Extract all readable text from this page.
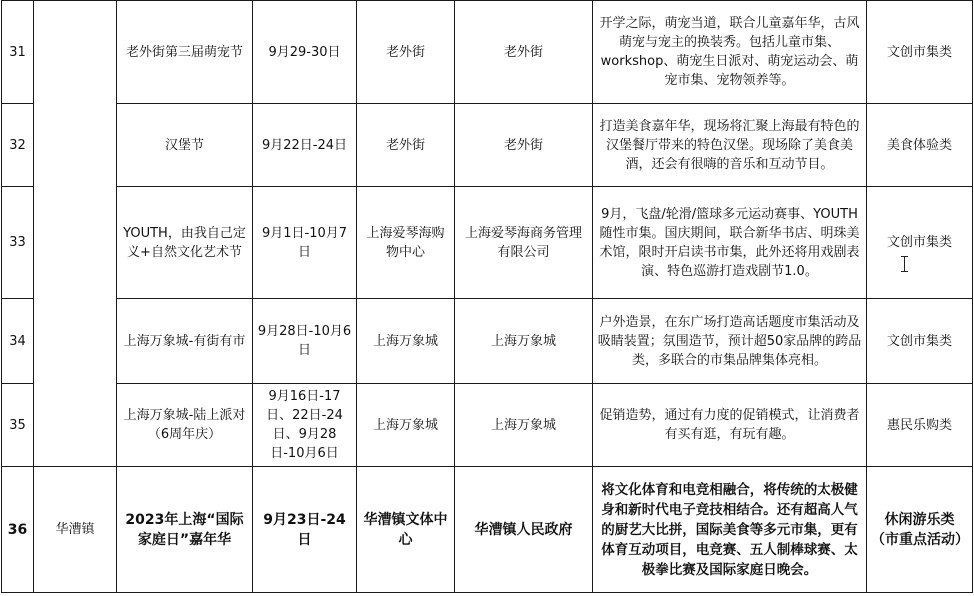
31		老外街第三届萌宠节	9月29-30日	老外街	老外街	开学之际，萌宠当道，联合儿童嘉年华，古风萌宠与宠主的换装秀。包括儿童市集、workshop、萌宠生日派对、萌宠运动会、萌宠市集、宠物领养等。	文创市集类
32		汉堡节	9月22日-24日	老外街	老外街	打造美食嘉年华，现场将汇聚上海最有特色的汉堡餐厅带来的特色汉堡。现场除了美食美酒，还会有很嗨的音乐和互动节目。	美食体验类
33		YOUTH，由我自己定义+自然文化艺术节	9月1日-10月7日	上海爱琴海购物中心	上海爱琴海商务管理有限公司	9月，飞盘/轮滑/篮球多元运动赛事、YOUTH随性市集。国庆期间，联合新华书店、明珠美术馆，限时开启读书市集，此外还将用戏剧表演、特色巡游打造戏剧节1.0。	文创市集类
34		上海万象城-有街有市	9月28日-10月6日	上海万象城	上海万象城	户外造景，在东广场打造高话题度市集活动及吸睛装置；氛围造节，预计超50家品牌的跨品类，多联合的市集品牌集体亮相。	文创市集类
35		上海万象城-陆上派对（6周年庆）	9月16日-17日、22日-24日、9月28日-10月6日	上海万象城	上海万象城	促销造势，通过有力度的促销模式，让消费者有买有逛，有玩有趣。	惠民乐购类
36	华漕镇	2023年上海“国际家庭日”嘉年华	9月23日-24日	华漕镇文体中心	华漕镇人民政府	将文化体育和电竞相融合，将传统的太极健身和新时代电子竞技相结合。还有超高人气的厨艺大比拼，国际美食等多元市集，更有体育互动项目，电竞赛、五人制棒球赛、太极拳比赛及国际家庭日晚会。	休闲游乐类（市重点活动）
